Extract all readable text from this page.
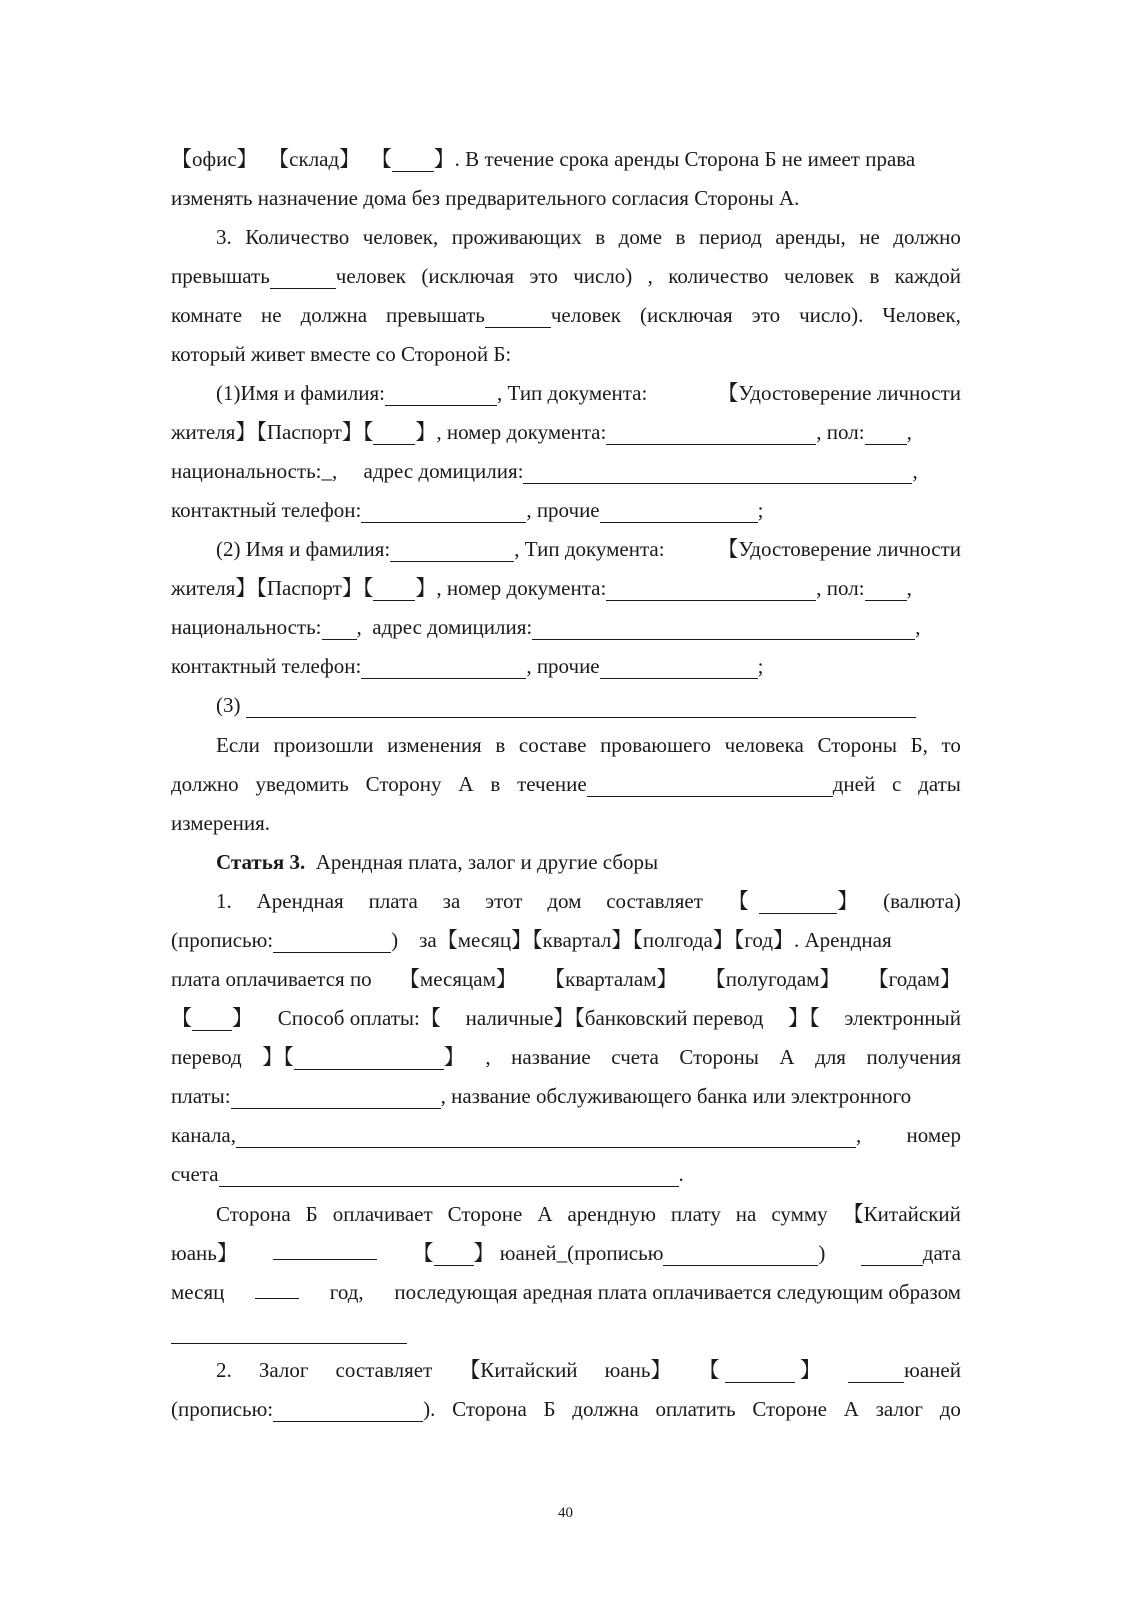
【офис】 【склад】 【 】. В течение срока аренды Сторона Б не имеет права
изменять назначение дома без предварительного согласия Стороны А.
3. Количество человек, проживающих в доме в период аренды, не должно
превышать	человек (исключая это число) , количество человек в каждой
комнате не должна превышать	человек (исключая это число). Человек,
который живет вместе со Стороной Б:
(1)Имя и фамилия:	, Тип документа:	【Удостоверение личности
жителя】【Паспорт】【 】, номер документа:	, пол: ,
национальность:_, адрес домицилия:	,
контактный телефон:	, прочие	;
(2) Имя и фамилия:	, Тип документа:	【Удостоверение личности
жителя】【Паспорт】【 】, номер документа:	, пол: ,
национальность: , адрес домицилия:	,
контактный телефон:	, прочие	;
(3)
Если произошли изменения в составе проваюшего человека Стороны Б, то
должно уведомить Сторону А в течение	дней с даты
измерения.
Статья 3. Арендная плата, залог и другие сборы
1. Арендная плата за этот дом составляет 【	】 (валюта)
(прописью:	) за【месяц】【квартал】【полгода】【год】. Арендная
плата оплачивается по 【месяцам】 【кварталам】 【полугодам】 【годам】
【 】 Способ оплаты:【 наличные】【банковский перевод 】【 электронный
перевод 】【	】 , название счета Стороны А для получения
платы:	, название обслуживающего банка или электронного
канала,	, номер
счета	.
Сторона Б оплачивает Стороне А арендную плату на сумму 【Китайский
юань】	【 】 юаней_(прописью	)	дата
месяц	год, последующая аредная плата оплачивается следующим образом
2. Залог составляет 【Китайский юань】 【	】	юаней
(прописью:	). Сторона Б должна оплатить Стороне А залог до
40
